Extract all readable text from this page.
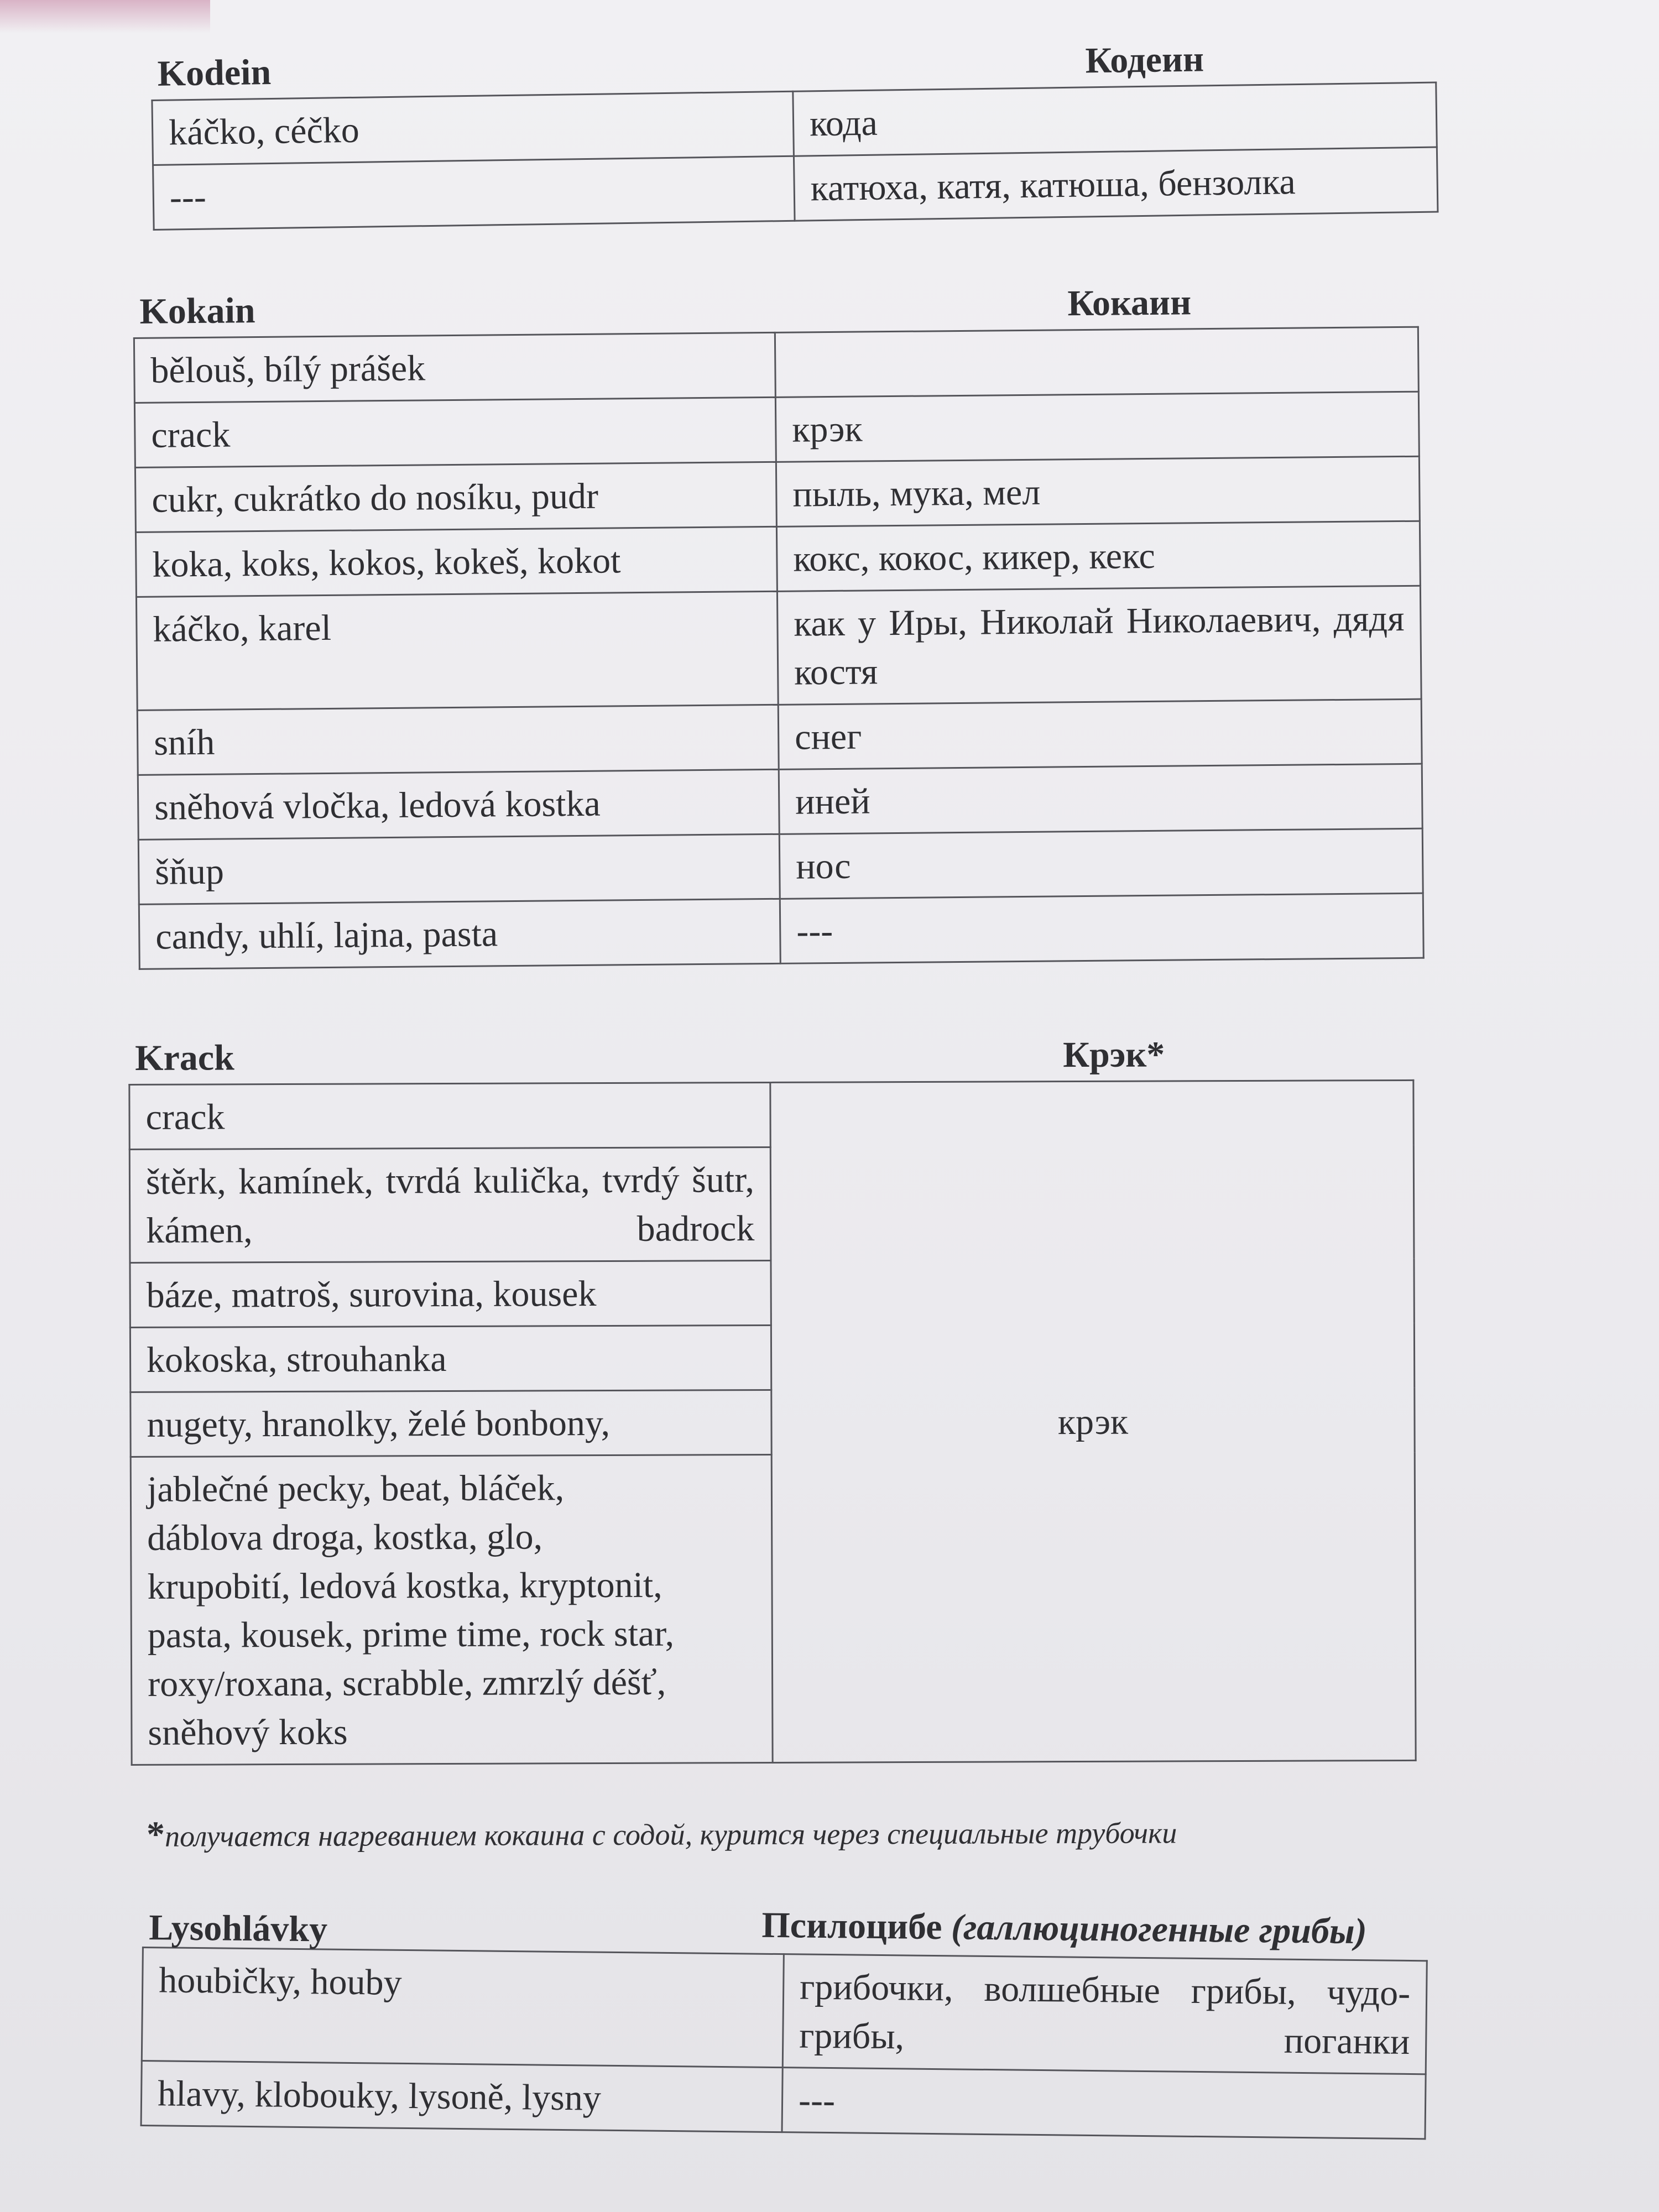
Kodein	Кодеин
káčko, céčko	кода
---	катюха, катя, катюша, бензолка
Kokain	Кокаин
bělouš, bílý prášek	
crack	крэк
cukr, cukrátko do nosíku, pudr	пыль, мука, мел
koka, koks, kokos, kokeš, kokot	кокс, кокос, кикер, кекс
káčko, karel	как у Иры, Николай Николаевич, дядя костя
sníh	снег
sněhová vločka, ledová kostka	иней
šňup	нос
candy, uhlí, lajna, pasta	---
Krack	Крэк*
crack	крэк
štěrk, kamínek, tvrdá kulička, tvrdý šutr, kámen, badrock
báze, matroš, surovina, kousek
kokoska, strouhanka
nugety, hranolky, želé bonbony,
jablečné pecky, beat, bláček, dáblova droga, kostka, glo, krupobití, ledová kostka, kryptonit, pasta, kousek, prime time, rock star, roxy/roxana, scrabble, zmrzlý déšť, sněhový koks
*получается нагреванием кокаина с содой, курится через специальные трубочки
Lysohlávky	Псилоцибе (галлюциногенные грибы)
houbičky, houby	грибочки, волшебные грибы, чудо-грибы, поганки
hlavy, klobouky, lysoně, lysny	---
